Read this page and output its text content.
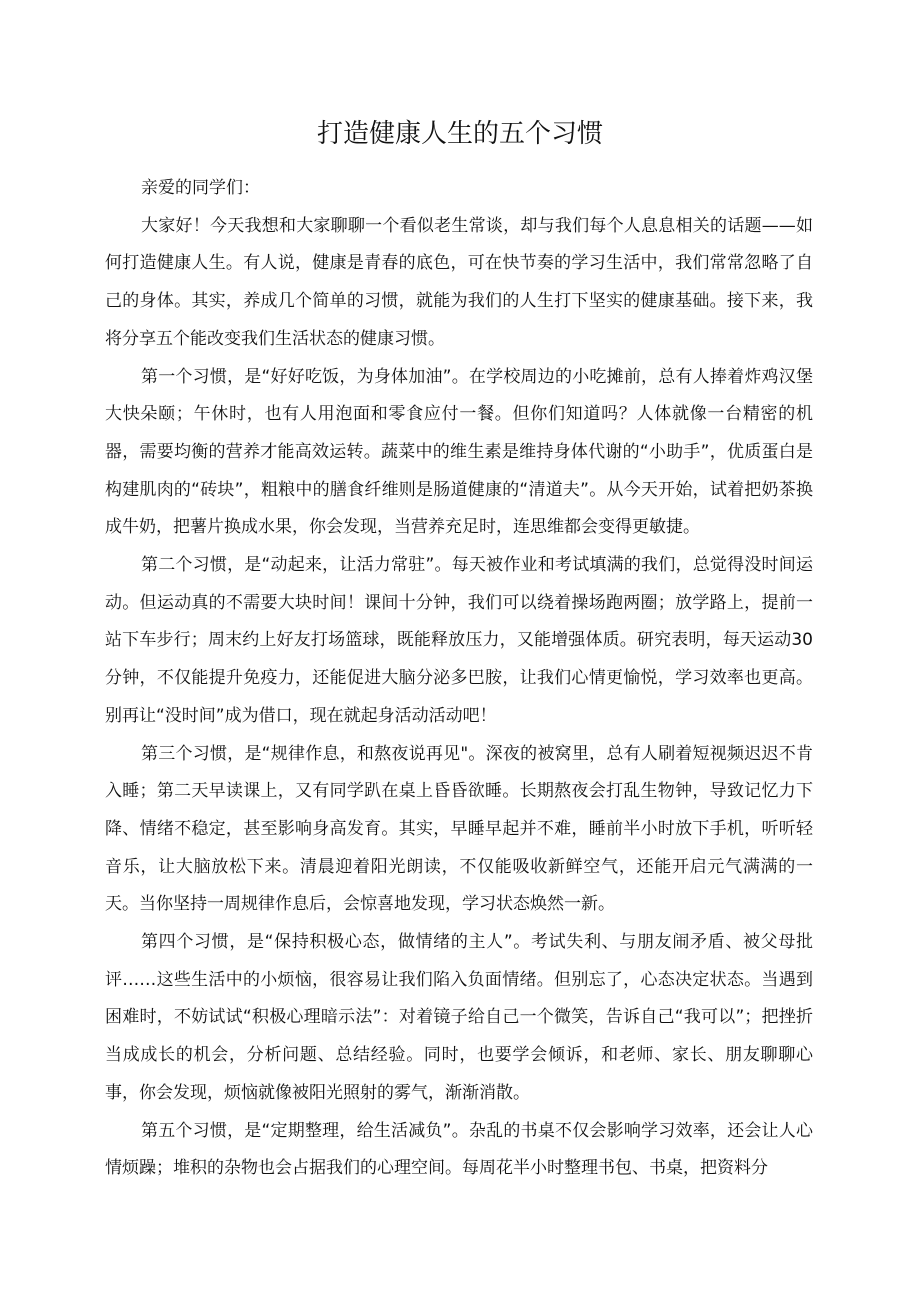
打造健康人生的五个习惯

亲爱的同学们：

大家好！今天我想和大家聊聊一个看似老生常谈，却与我们每个人息息相关的话题——如何打造健康人生。有人说，健康是青春的底色，可在快节奏的学习生活中，我们常常忽略了自己的身体。其实，养成几个简单的习惯，就能为我们的人生打下坚实的健康基础。接下来，我将分享五个能改变我们生活状态的健康习惯。

第一个习惯，是“好好吃饭，为身体加油”。在学校周边的小吃摊前，总有人捧着炸鸡汉堡大快朵颐；午休时，也有人用泡面和零食应付一餐。但你们知道吗？人体就像一台精密的机器，需要均衡的营养才能高效运转。蔬菜中的维生素是维持身体代谢的“小助手”，优质蛋白是构建肌肉的“砖块”，粗粮中的膳食纤维则是肠道健康的“清道夫”。从今天开始，试着把奶茶换成牛奶，把薯片换成水果，你会发现，当营养充足时，连思维都会变得更敏捷。

第二个习惯，是“动起来，让活力常驻”。每天被作业和考试填满的我们，总觉得没时间运动。但运动真的不需要大块时间！课间十分钟，我们可以绕着操场跑两圈；放学路上，提前一站下车步行；周末约上好友打场篮球，既能释放压力，又能增强体质。研究表明，每天运动30分钟，不仅能提升免疫力，还能促进大脑分泌多巴胺，让我们心情更愉悦，学习效率也更高。别再让“没时间”成为借口，现在就起身活动活动吧！

第三个习惯，是“规律作息，和熬夜说再见"。深夜的被窝里，总有人刷着短视频迟迟不肯入睡；第二天早读课上，又有同学趴在桌上昏昏欲睡。长期熬夜会打乱生物钟，导致记忆力下降、情绪不稳定，甚至影响身高发育。其实，早睡早起并不难，睡前半小时放下手机，听听轻音乐，让大脑放松下来。清晨迎着阳光朗读，不仅能吸收新鲜空气，还能开启元气满满的一天。当你坚持一周规律作息后，会惊喜地发现，学习状态焕然一新。

第四个习惯，是“保持积极心态，做情绪的主人”。考试失利、与朋友闹矛盾、被父母批评……这些生活中的小烦恼，很容易让我们陷入负面情绪。但别忘了，心态决定状态。当遇到困难时，不妨试试“积极心理暗示法”：对着镜子给自己一个微笑，告诉自己“我可以”；把挫折当成成长的机会，分析问题、总结经验。同时，也要学会倾诉，和老师、家长、朋友聊聊心事，你会发现，烦恼就像被阳光照射的雾气，渐渐消散。

第五个习惯，是“定期整理，给生活减负”。杂乱的书桌不仅会影响学习效率，还会让人心情烦躁；堆积的杂物也会占据我们的心理空间。每周花半小时整理书包、书桌，把资料分
